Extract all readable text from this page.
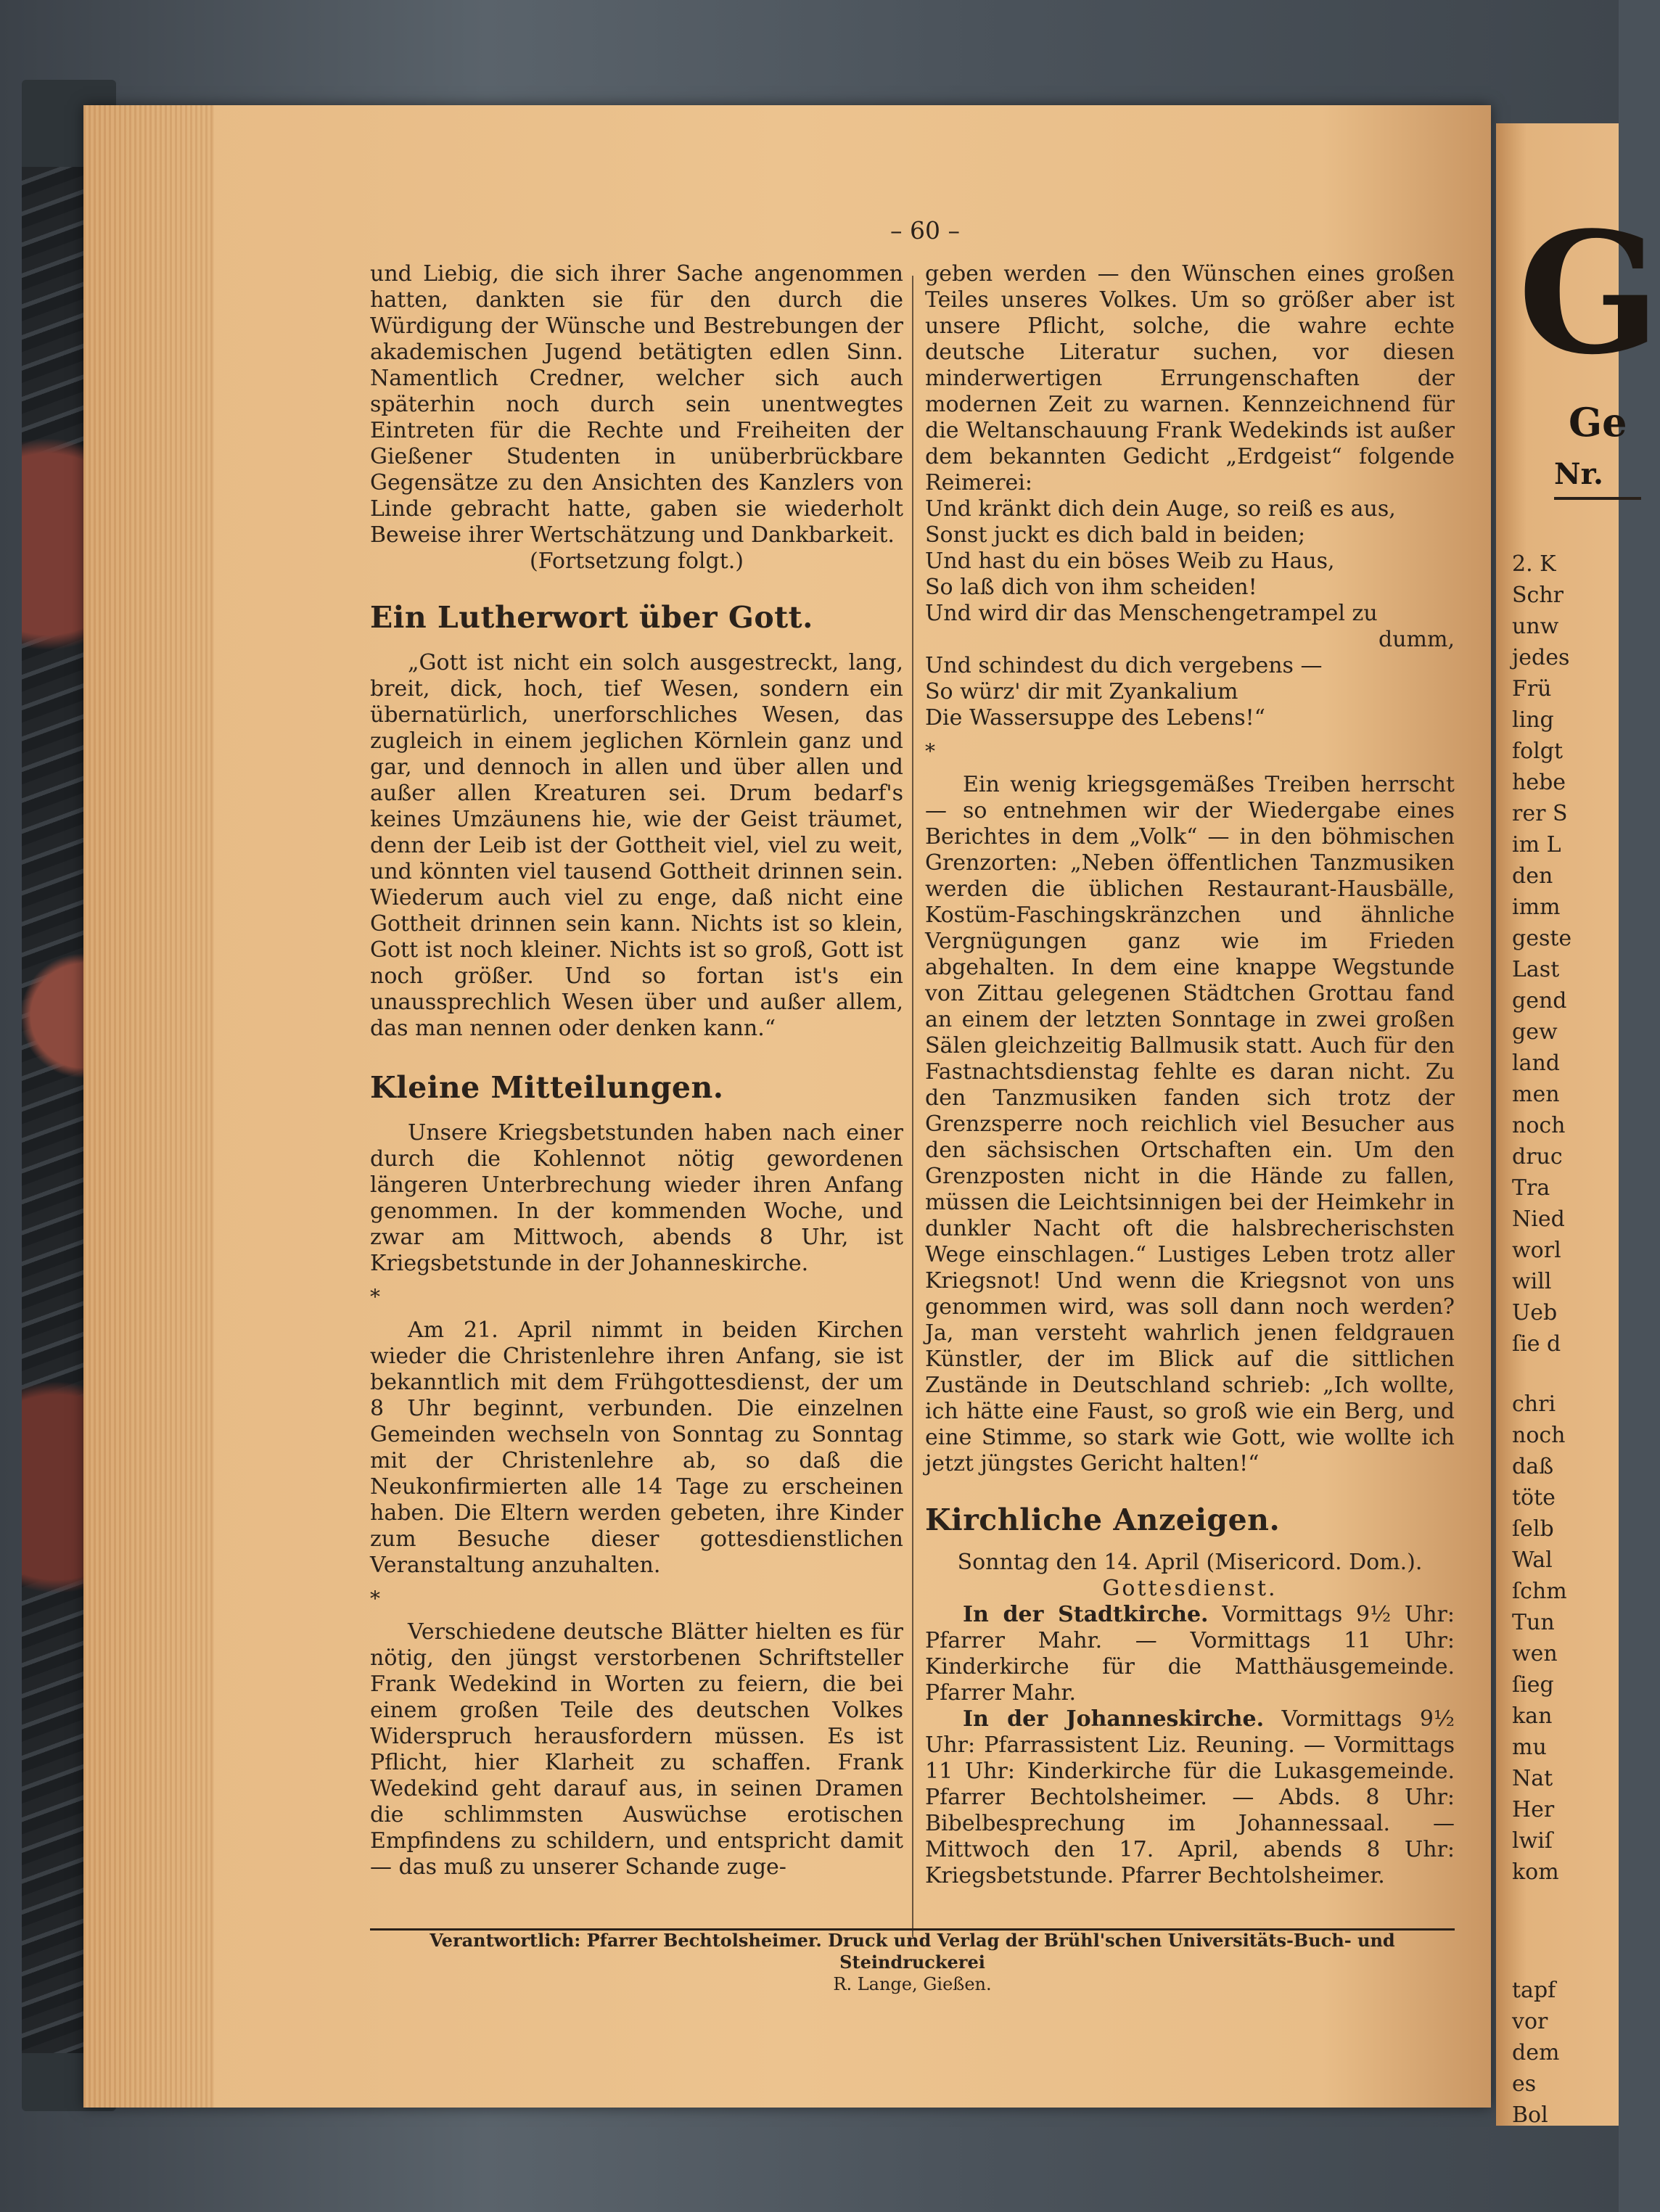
G
Ge
Nr.
2. K
Schr
unw
jedes
Frü
ling
folgt
hebe
rer S
im L
den
imm
geste
Last
gend
gew
land
men
noch
druc
Tra
Nied
worl
will
Ueb
ſie d
chri
noch
daß
töte
ſelb
Wal
ſchm
Tun
wen
ſieg
kan
mu
Nat
Her
lwiſ
kom
tapf
vor
dem
es
Bol
– 60 –

und Liebig, die sich ihrer Sache angenommen hatten, dankten sie für den durch die Würdigung der Wünsche und Bestrebungen der akademischen Jugend betätigten edlen Sinn. Namentlich Credner, welcher sich auch späterhin noch durch sein unentwegtes Eintreten für die Rechte und Freiheiten der Gießener Studenten in unüberbrückbare Gegensätze zu den Ansichten des Kanzlers von Linde gebracht hatte, gaben sie wiederholt Beweise ihrer Wertschätzung und Dankbarkeit.

(Fortsetzung folgt.)

Ein Lutherwort über Gott.

„Gott ist nicht ein solch ausgestreckt, lang, breit, dick, hoch, tief Wesen, sondern ein übernatürlich, unerforschliches Wesen, das zugleich in einem jeglichen Körnlein ganz und gar, und dennoch in allen und über allen und außer allen Kreaturen sei. Drum bedarf's keines Umzäunens hie, wie der Geist träumet, denn der Leib ist der Gottheit viel, viel zu weit, und könnten viel tausend Gottheit drinnen sein. Wiederum auch viel zu enge, daß nicht eine Gottheit drinnen sein kann. Nichts ist so klein, Gott ist noch kleiner. Nichts ist so groß, Gott ist noch größer. Und so fortan ist's ein unaussprechlich Wesen über und außer allem, das man nennen oder denken kann.“

Kleine Mitteilungen.

Unsere Kriegsbetstunden haben nach einer durch die Kohlennot nötig gewordenen längeren Unterbrechung wieder ihren Anfang genommen. In der kommenden Woche, und zwar am Mittwoch, abends 8 Uhr, ist Kriegsbetstunde in der Johanneskirche.

*

Am 21. April nimmt in beiden Kirchen wieder die Christenlehre ihren Anfang, sie ist bekanntlich mit dem Frühgottesdienst, der um 8 Uhr beginnt, verbunden. Die einzelnen Gemeinden wechseln von Sonntag zu Sonntag mit der Christenlehre ab, so daß die Neukonfirmierten alle 14 Tage zu erscheinen haben. Die Eltern werden gebeten, ihre Kinder zum Besuche dieser gottesdienstlichen Veranstaltung anzuhalten.

*

Verschiedene deutsche Blätter hielten es für nötig, den jüngst verstorbenen Schriftsteller Frank Wedekind in Worten zu feiern, die bei einem großen Teile des deutschen Volkes Widerspruch herausfordern müssen. Es ist Pflicht, hier Klarheit zu schaffen. Frank Wedekind geht darauf aus, in seinen Dramen die schlimmsten Auswüchse erotischen Empfindens zu schildern, und entspricht damit — das muß zu unserer Schande zuge-

geben werden — den Wünschen eines großen Teiles unseres Volkes. Um so größer aber ist unsere Pflicht, solche, die wahre echte deutsche Literatur suchen, vor diesen minderwertigen Errungenschaften der modernen Zeit zu warnen. Kennzeichnend für die Weltanschauung Frank Wedekinds ist außer dem bekannten Gedicht „Erdgeist“ folgende Reimerei:

Und kränkt dich dein Auge, so reiß es aus,

Sonst juckt es dich bald in beiden;

Und hast du ein böses Weib zu Haus,

So laß dich von ihm scheiden!

Und wird dir das Menschengetrampel zu

dumm,

Und schindest du dich vergebens —

So würz' dir mit Zyankalium

Die Wassersuppe des Lebens!“

*

Ein wenig kriegsgemäßes Treiben herrscht — so entnehmen wir der Wiedergabe eines Berichtes in dem „Volk“ — in den böhmischen Grenzorten: „Neben öffentlichen Tanzmusiken werden die üblichen Restaurant-Hausbälle, Kostüm-Faschingskränzchen und ähnliche Vergnügungen ganz wie im Frieden abgehalten. In dem eine knappe Wegstunde von Zittau gelegenen Städtchen Grottau fand an einem der letzten Sonntage in zwei großen Sälen gleichzeitig Ballmusik statt. Auch für den Fastnachtsdienstag fehlte es daran nicht. Zu den Tanzmusiken fanden sich trotz der Grenzsperre noch reichlich viel Besucher aus den sächsischen Ortschaften ein. Um den Grenzposten nicht in die Hände zu fallen, müssen die Leichtsinnigen bei der Heimkehr in dunkler Nacht oft die halsbrecherischsten Wege einschlagen.“ Lustiges Leben trotz aller Kriegsnot! Und wenn die Kriegsnot von uns genommen wird, was soll dann noch werden? Ja, man versteht wahrlich jenen feldgrauen Künstler, der im Blick auf die sittlichen Zustände in Deutschland schrieb: „Ich wollte, ich hätte eine Faust, so groß wie ein Berg, und eine Stimme, so stark wie Gott, wie wollte ich jetzt jüngstes Gericht halten!“

Kirchliche Anzeigen.

Sonntag den 14. April (Misericord. Dom.).

Gottesdienst.

In der Stadtkirche. Vormittags 9½ Uhr: Pfarrer Mahr. — Vormittags 11 Uhr: Kinderkirche für die Matthäusgemeinde. Pfarrer Mahr.

In der Johanneskirche. Vormittags 9½ Uhr: Pfarrassistent Liz. Reuning. — Vormittags 11 Uhr: Kinderkirche für die Lukasgemeinde. Pfarrer Bechtolsheimer. — Abds. 8 Uhr: Bibelbesprechung im Johannessaal. — Mittwoch den 17. April, abends 8 Uhr: Kriegsbetstunde. Pfarrer Bechtolsheimer.

Verantwortlich: Pfarrer Bechtolsheimer. Druck und Verlag der Brühl'schen Universitäts-Buch- und Steindruckerei
R. Lange, Gießen.
